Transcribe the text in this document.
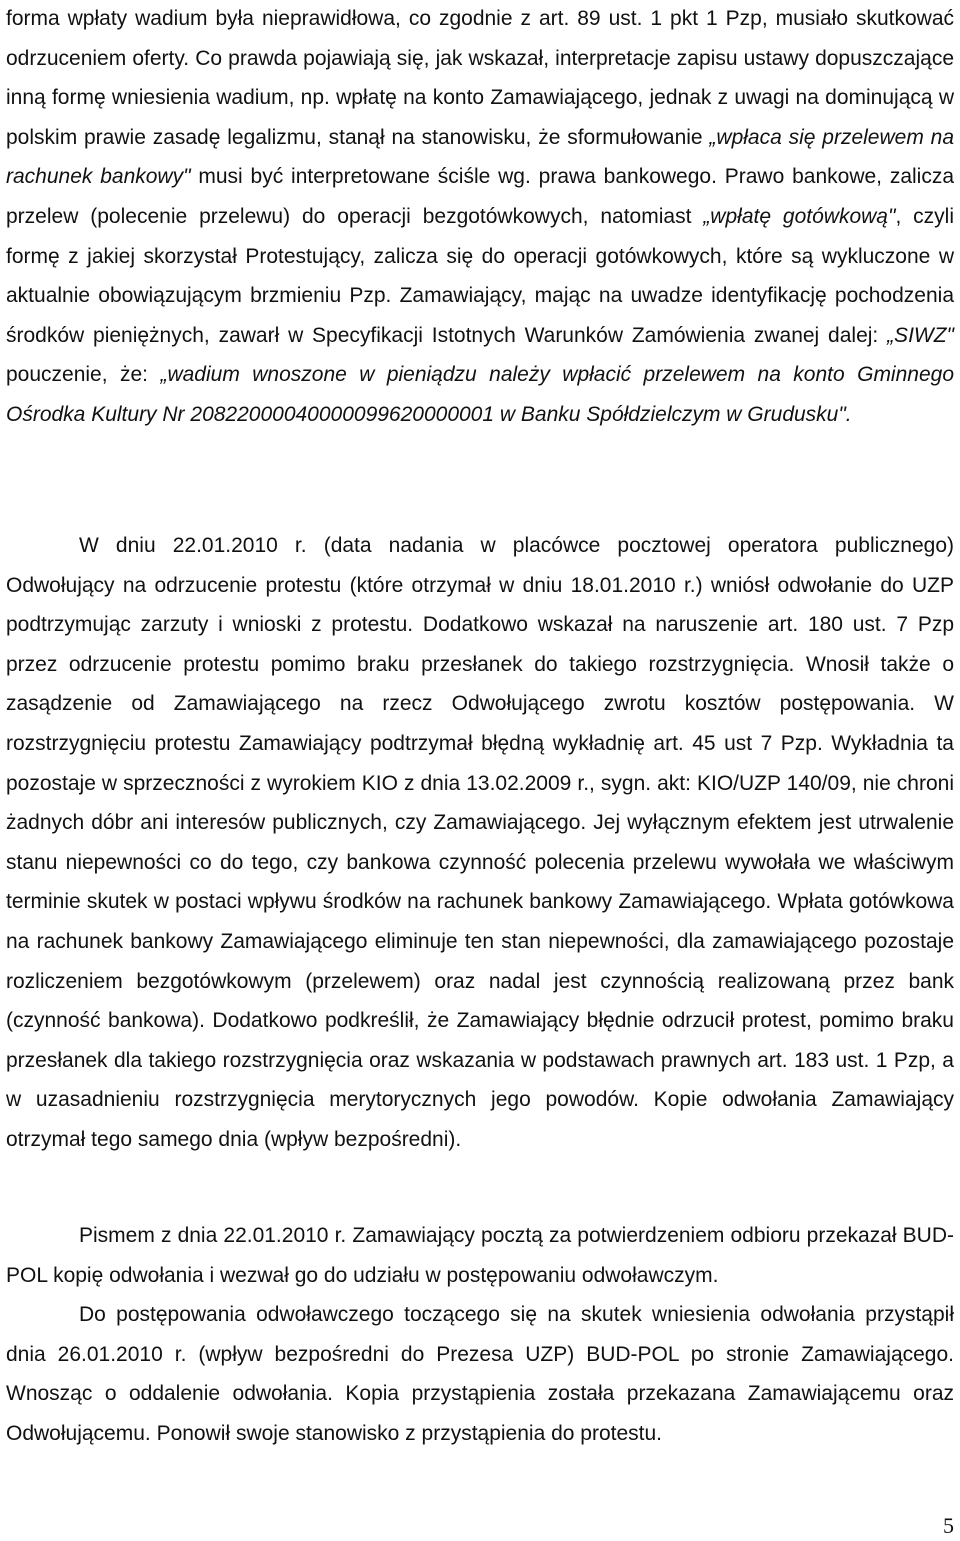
forma wpłaty wadium była nieprawidłowa, co zgodnie z art. 89 ust. 1 pkt 1 Pzp, musiało skutkować odrzuceniem oferty. Co prawda pojawiają się, jak wskazał, interpretacje zapisu ustawy dopuszczające inną formę wniesienia wadium, np. wpłatę na konto Zamawiającego, jednak z uwagi na dominującą w polskim prawie zasadę legalizmu, stanął na stanowisku, że sformułowanie „wpłaca się przelewem na rachunek bankowy" musi być interpretowane ściśle wg. prawa bankowego. Prawo bankowe, zalicza przelew (polecenie przelewu) do operacji bezgotówkowych, natomiast „wpłatę gotówkową", czyli formę z jakiej skorzystał Protestujący, zalicza się do operacji gotówkowych, które są wykluczone w aktualnie obowiązującym brzmieniu Pzp. Zamawiający, mając na uwadze identyfikację pochodzenia środków pieniężnych, zawarł w Specyfikacji Istotnych Warunków Zamówienia zwanej dalej: „SIWZ" pouczenie, że: „wadium wnoszone w pieniądzu należy wpłacić przelewem na konto Gminnego Ośrodka Kultury Nr 20822000040000099620000001 w Banku Spółdzielczym w Grudusku".

W dniu 22.01.2010 r. (data nadania w placówce pocztowej operatora publicznego) Odwołujący na odrzucenie protestu (które otrzymał w dniu 18.01.2010 r.) wniósł odwołanie do UZP podtrzymując zarzuty i wnioski z protestu. Dodatkowo wskazał na naruszenie art. 180 ust. 7 Pzp przez odrzucenie protestu pomimo braku przesłanek do takiego rozstrzygnięcia. Wnosił także o zasądzenie od Zamawiającego na rzecz Odwołującego zwrotu kosztów postępowania. W rozstrzygnięciu protestu Zamawiający podtrzymał błędną wykładnię art. 45 ust 7 Pzp. Wykładnia ta pozostaje w sprzeczności z wyrokiem KIO z dnia 13.02.2009 r., sygn. akt: KIO/UZP 140/09, nie chroni żadnych dóbr ani interesów publicznych, czy Zamawiającego. Jej wyłącznym efektem jest utrwalenie stanu niepewności co do tego, czy bankowa czynność polecenia przelewu wywołała we właściwym terminie skutek w postaci wpływu środków na rachunek bankowy Zamawiającego. Wpłata gotówkowa na rachunek bankowy Zamawiającego eliminuje ten stan niepewności, dla zamawiającego pozostaje rozliczeniem bezgotówkowym (przelewem) oraz nadal jest czynnością realizowaną przez bank (czynność bankowa). Dodatkowo podkreślił, że Zamawiający błędnie odrzucił protest, pomimo braku przesłanek dla takiego rozstrzygnięcia oraz wskazania w podstawach prawnych art. 183 ust. 1 Pzp, a w uzasadnieniu rozstrzygnięcia merytorycznych jego powodów. Kopie odwołania Zamawiający otrzymał tego samego dnia (wpływ bezpośredni).

Pismem z dnia 22.01.2010 r. Zamawiający pocztą za potwierdzeniem odbioru przekazał BUD-POL kopię odwołania i wezwał go do udziału w postępowaniu odwoławczym.

Do postępowania odwoławczego toczącego się na skutek wniesienia odwołania przystąpił dnia 26.01.2010 r. (wpływ bezpośredni do Prezesa UZP) BUD-POL po stronie Zamawiającego. Wnosząc o oddalenie odwołania. Kopia przystąpienia została przekazana Zamawiającemu oraz Odwołującemu. Ponowił swoje stanowisko z przystąpienia do protestu.

5
